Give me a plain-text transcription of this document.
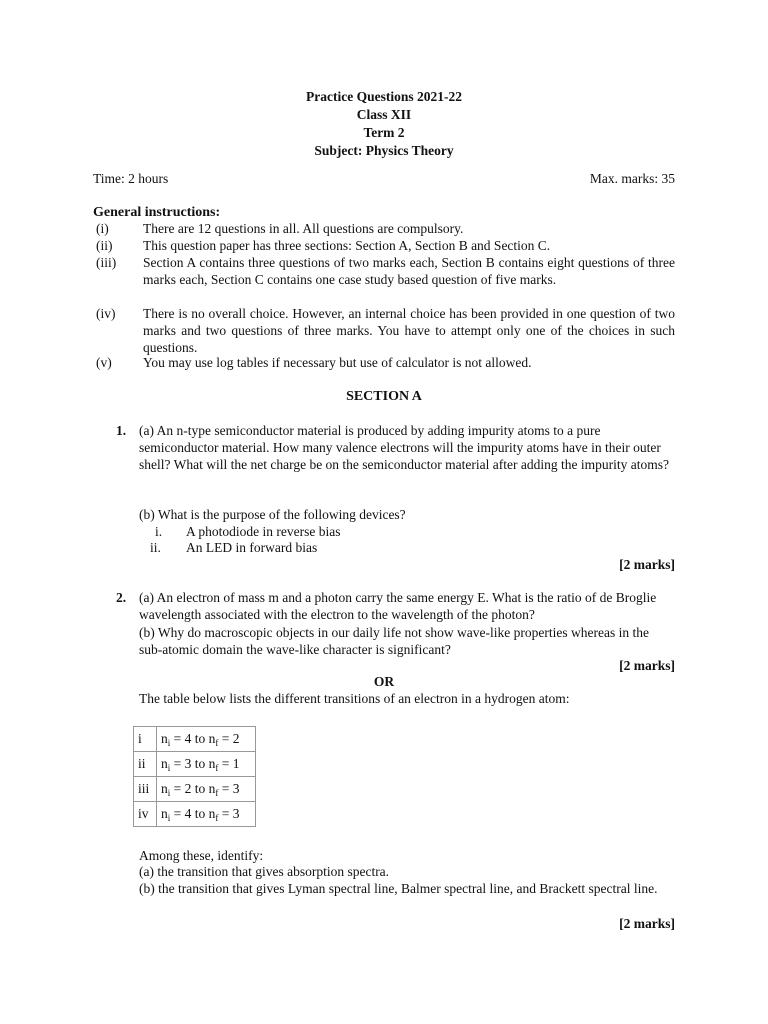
Practice Questions 2021-22
Class XII
Term 2
Subject: Physics Theory
Time: 2 hours	Max. marks: 35
General instructions:
(i)	There are 12 questions in all. All questions are compulsory.
(ii) This question paper has three sections: Section A, Section B and Section C.
(iii) Section A contains three questions of two marks each, Section B contains eight questions of three marks each, Section C contains one case study based question of five marks.
(iv) There is no overall choice. However, an internal choice has been provided in one question of two marks and two questions of three marks. You have to attempt only one of the choices in such questions.
(v) You may use log tables if necessary but use of calculator is not allowed.
SECTION A
1. (a) An n-type semiconductor material is produced by adding impurity atoms to a pure semiconductor material. How many valence electrons will the impurity atoms have in their outer shell? What will the net charge be on the semiconductor material after adding the impurity atoms?
(b) What is the purpose of the following devices?
i. A photodiode in reverse bias
ii. An LED in forward bias
[2 marks]
2. (a) An electron of mass m and a photon carry the same energy E. What is the ratio of de Broglie wavelength associated with the electron to the wavelength of the photon?
(b) Why do macroscopic objects in our daily life not show wave-like properties whereas in the sub-atomic domain the wave-like character is significant?
[2 marks]
OR
The table below lists the different transitions of an electron in a hydrogen atom:
i	$n_i = 4$ to $n_f = 2$
ii	$n_i = 3$ to $n_f = 1$
iii	$n_i = 2$ to $n_f = 3$
iv	$n_i = 4$ to $n_f = 3$
Among these, identify:
(a) the transition that gives absorption spectra.
(b) the transition that gives Lyman spectral line, Balmer spectral line, and Brackett spectral line.
[2 marks]
